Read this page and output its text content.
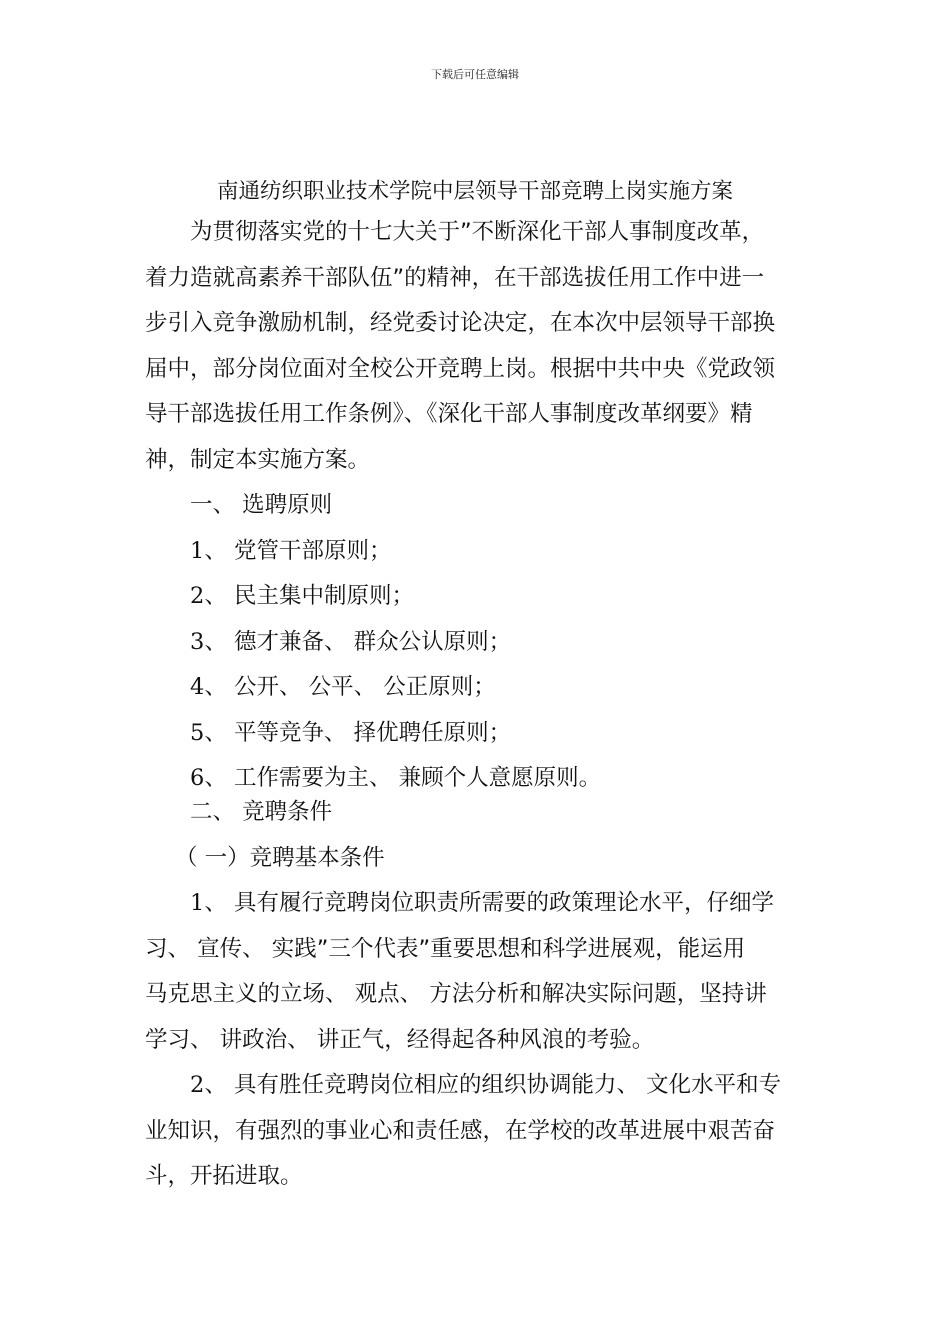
下载后可任意编辑
南通纺织职业技术学院中层领导干部竞聘上岗实施方案
为贯彻落实党的十七大关于”不断深化干部人事制度改革，
着力造就高素养干部队伍”的精神，在干部选拔任用工作中进一
步引入竞争激励机制，经党委讨论决定，在本次中层领导干部换
届中，部分岗位面对全校公开竞聘上岗。根据中共中央《党政领
导干部选拔任用工作条例》、《深化干部人事制度改革纲要》精
神，制定本实施方案。
一、 选聘原则
1、 党管干部原则；
2、 民主集中制原则；
3、 德才兼备、 群众公认原则；
4、 公开、 公平、 公正原则；
5、 平等竞争、 择优聘任原则；
6、 工作需要为主、 兼顾个人意愿原则。
二、 竞聘条件
（ 一）竞聘基本条件
1、 具有履行竞聘岗位职责所需要的政策理论水平，仔细学
习、 宣传、 实践”三个代表”重要思想和科学进展观，能运用
马克思主义的立场、 观点、 方法分析和解决实际问题，坚持讲
学习、 讲政治、 讲正气，经得起各种风浪的考验。
2、 具有胜任竞聘岗位相应的组织协调能力、 文化水平和专
业知识，有强烈的事业心和责任感，在学校的改革进展中艰苦奋
斗，开拓进取。
